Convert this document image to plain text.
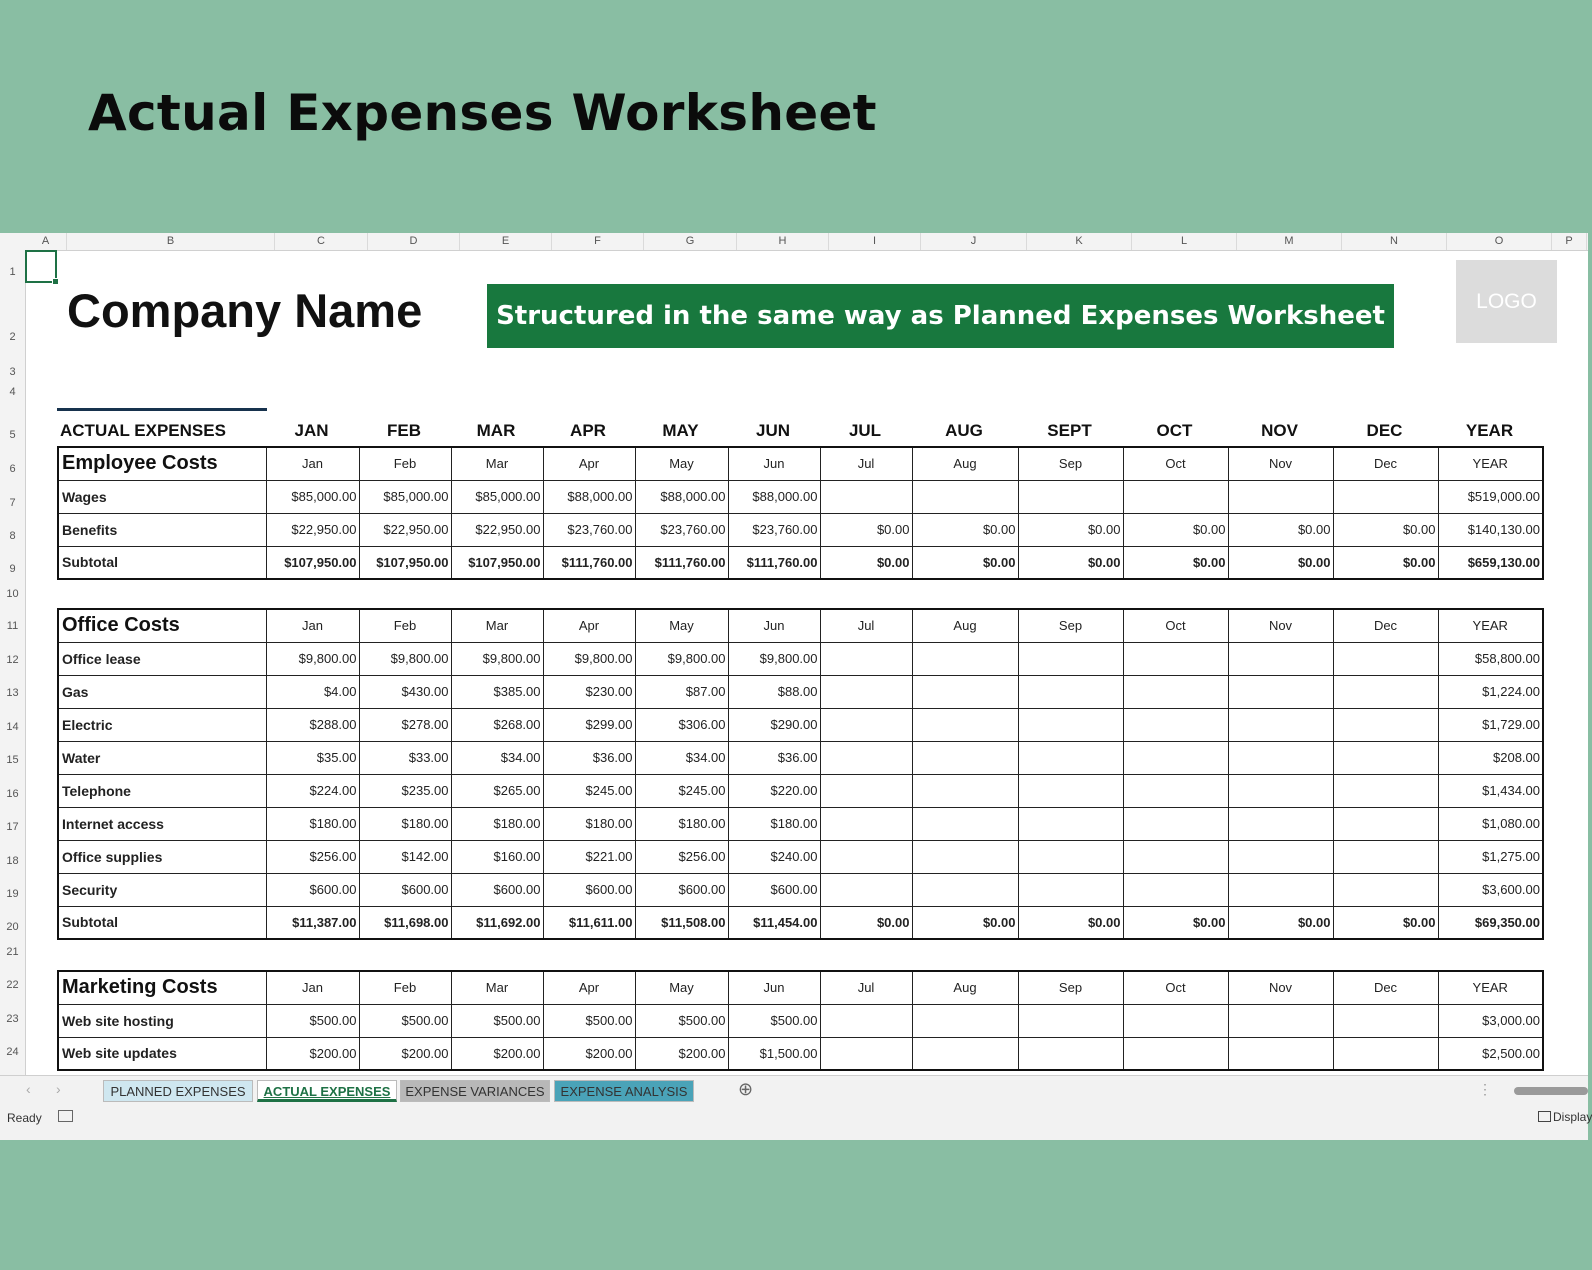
Actual Expenses Worksheet
A	B	C	D	E	F	G	H	I	J	K	L	M	N	O	P
1
2
3
4
5
6
7
8
9
10
11
12
13
14
15
16
17
18
19
20
21
22
23
24
Company Name	Structured in the same way as Planned Expenses Worksheet	LOGO
ACTUAL EXPENSES	JAN	FEB	MAR	APR	MAY	JUN	JUL	AUG	SEPT	OCT	NOV	DEC	YEAR
Employee Costs	Jan	Feb	Mar	Apr	May	Jun	Jul	Aug	Sep	Oct	Nov	Dec	YEAR
Wages	$85,000.00	$85,000.00	$85,000.00	$88,000.00	$88,000.00	$88,000.00							$519,000.00
Benefits	$22,950.00	$22,950.00	$22,950.00	$23,760.00	$23,760.00	$23,760.00	$0.00	$0.00	$0.00	$0.00	$0.00	$0.00	$140,130.00
Subtotal	$107,950.00	$107,950.00	$107,950.00	$111,760.00	$111,760.00	$111,760.00	$0.00	$0.00	$0.00	$0.00	$0.00	$0.00	$659,130.00
Office Costs	Jan	Feb	Mar	Apr	May	Jun	Jul	Aug	Sep	Oct	Nov	Dec	YEAR
Office lease	$9,800.00	$9,800.00	$9,800.00	$9,800.00	$9,800.00	$9,800.00							$58,800.00
Gas	$4.00	$430.00	$385.00	$230.00	$87.00	$88.00							$1,224.00
Electric	$288.00	$278.00	$268.00	$299.00	$306.00	$290.00							$1,729.00
Water	$35.00	$33.00	$34.00	$36.00	$34.00	$36.00							$208.00
Telephone	$224.00	$235.00	$265.00	$245.00	$245.00	$220.00							$1,434.00
Internet access	$180.00	$180.00	$180.00	$180.00	$180.00	$180.00							$1,080.00
Office supplies	$256.00	$142.00	$160.00	$221.00	$256.00	$240.00							$1,275.00
Security	$600.00	$600.00	$600.00	$600.00	$600.00	$600.00							$3,600.00
Subtotal	$11,387.00	$11,698.00	$11,692.00	$11,611.00	$11,508.00	$11,454.00	$0.00	$0.00	$0.00	$0.00	$0.00	$0.00	$69,350.00
Marketing Costs	Jan	Feb	Mar	Apr	May	Jun	Jul	Aug	Sep	Oct	Nov	Dec	YEAR
Web site hosting	$500.00	$500.00	$500.00	$500.00	$500.00	$500.00							$3,000.00
Web site updates	$200.00	$200.00	$200.00	$200.00	$200.00	$1,500.00							$2,500.00
‹ ›	PLANNED EXPENSES	ACTUAL EXPENSES	EXPENSE VARIANCES	EXPENSE ANALYSIS	⊕	⋮
Ready	Display
